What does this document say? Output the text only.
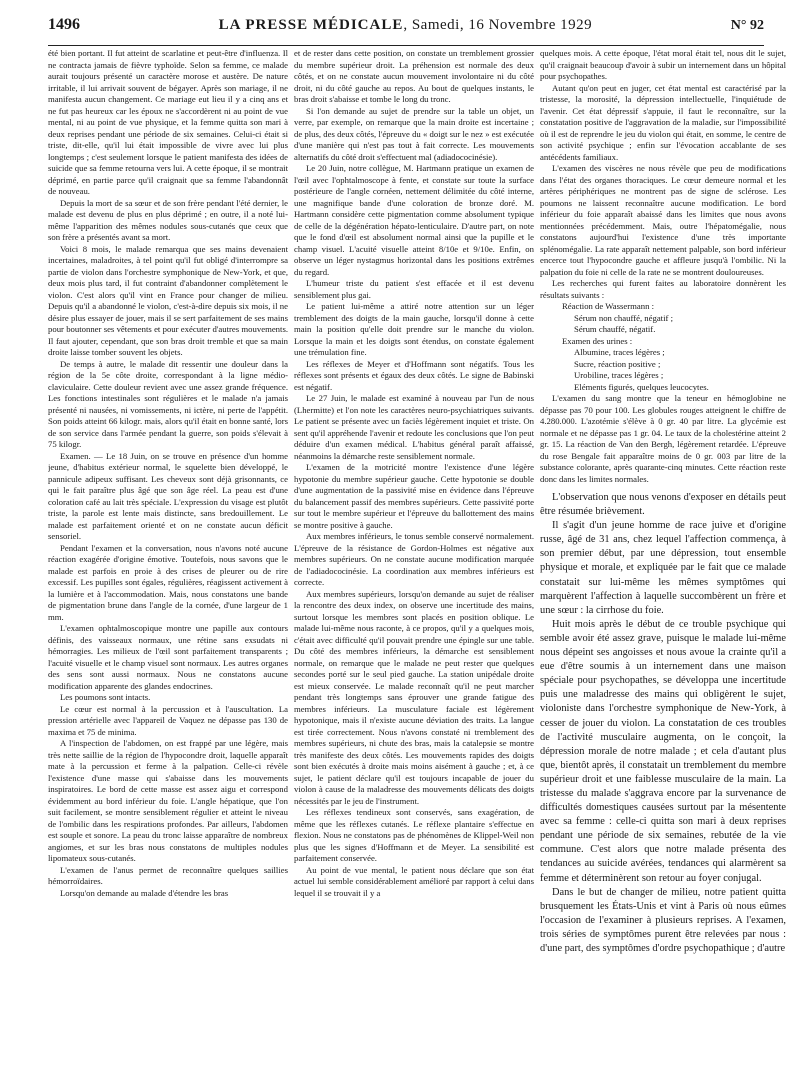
1496	LA PRESSE MÉDICALE, Samedi, 16 Novembre 1929	N° 92

été bien portant. Il fut atteint de scarlatine et peut-être d'influenza. Il ne contracta jamais de fièvre typhoïde. Selon sa femme, ce malade aurait toujours présenté un caractère morose et austère. De nature irritable, il lui arrivait souvent de bégayer. Après son mariage, il ne manifesta aucun changement. Ce mariage eut lieu il y a cinq ans et ne fut pas heureux car les époux ne s'accordèrent ni au point de vue mental, ni au point de vue physique, et la femme quitta son mari à deux reprises pendant une période de six semaines. Celui-ci était si triste, dit-elle, qu'il lui était impossible de vivre avec lui plus longtemps ; c'est seulement lorsque le patient manifesta des idées de suicide que sa femme retourna vers lui. A cette époque, il se montrait déprimé, en partie parce qu'il craignait que sa femme l'abandonnât de nouveau.

Depuis la mort de sa sœur et de son frère pendant l'été dernier, le malade est devenu de plus en plus déprimé ; en outre, il a noté lui-même l'apparition des mêmes nodules sous-cutanés que ceux que son frère a présentés avant sa mort.

Voici 8 mois, le malade remarqua que ses mains devenaient incertaines, maladroites, à tel point qu'il fut obligé d'interrompre sa partie de violon dans l'orchestre symphonique de New-York, et que, deux mois plus tard, il fut contraint d'abandonner complètement le violon. C'est alors qu'il vint en France pour changer de milieu. Depuis qu'il a abandonné le violon, c'est-à-dire depuis six mois, il ne désire plus essayer de jouer, mais il se sert parfaitement de ses mains pour boutonner ses vêtements et pour exécuter d'autres mouvements. Il faut ajouter, cependant, que son bras droit tremble et que sa main droite laisse tomber souvent les objets.

De temps à autre, le malade dit ressentir une douleur dans la région de la 5e côte droite, correspondant à la ligne médio-claviculaire. Cette douleur revient avec une assez grande fréquence. Les fonctions intestinales sont régulières et le malade n'a jamais présenté ni nausées, ni vomissements, ni ictère, ni perte de l'appétit. Son poids atteint 66 kilogr. mais, alors qu'il était en bonne santé, lors de son service dans l'armée pendant la guerre, son poids s'élevait à 75 kilogr.

Examen. — Le 18 Juin, on se trouve en présence d'un homme jeune, d'habitus extérieur normal, le squelette bien développé, le pannicule adipeux suffisant. Les cheveux sont déjà grisonnants, ce qui le fait paraître plus âgé que son âge réel. La peau est d'une coloration café au lait très spéciale. L'expression du visage est plutôt triste, la parole est lente mais distincte, sans bredouillement. Le malade est parfaitement orienté et on ne constate aucun déficit sensoriel.

Pendant l'examen et la conversation, nous n'avons noté aucune réaction exagérée d'origine émotive. Toutefois, nous savons que le malade est parfois en proie à des crises de pleurer ou de rire excessif. Les pupilles sont égales, régulières, réagissent activement à la lumière et à l'accommodation. Mais, nous constatons une bande de pigmentation brune dans l'angle de la cornée, d'une largeur de 1 mm.

L'examen ophtalmoscopique montre une papille aux contours définis, des vaisseaux normaux, une rétine sans exsudats ni hémorragies. Les milieux de l'œil sont parfaitement transparents ; l'acuité visuelle et le champ visuel sont normaux. Les autres organes des sens sont aussi normaux. Nous ne constatons aucune modification apparente des glandes endocrines.

Les poumons sont intacts.

Le cœur est normal à la percussion et à l'auscultation. La pression artérielle avec l'appareil de Vaquez ne dépasse pas 130 de maxima et 75 de minima.

A l'inspection de l'abdomen, on est frappé par une légère, mais très nette saillie de la région de l'hypocondre droit, laquelle apparaît mate à la percussion et ferme à la palpation. Celle-ci révèle l'existence d'une masse qui s'abaisse dans les mouvements inspiratoires. Le bord de cette masse est assez aigu et correspond évidemment au bord inférieur du foie. L'angle hépatique, que l'on suit facilement, se montre sensiblement régulier et atteint le niveau de l'ombilic dans les respirations profondes. Par ailleurs, l'abdomen est souple et sonore. La peau du tronc laisse apparaître de nombreux angiomes, et sur les bras nous constatons de multiples nodules lipomateux sous-cutanés.

L'examen de l'anus permet de reconnaître quelques saillies hémorroïdaires.

Lorsqu'on demande au malade d'étendre les bras

et de rester dans cette position, on constate un tremblement grossier du membre supérieur droit. La préhension est normale des deux côtés, et on ne constate aucun mouvement involontaire ni du côté droit, ni du côté gauche au repos. Au bout de quelques instants, le bras droit s'abaisse et tombe le long du tronc.

Si l'on demande au sujet de prendre sur la table un objet, un verre, par exemple, on remarque que la main droite est incertaine ; de plus, des deux côtés, l'épreuve du « doigt sur le nez » est exécutée d'une manière qui n'est pas tout à fait correcte. Les mouvements alternatifs du côté droit s'effectuent mal (adiadococinésie).

Le 20 Juin, notre collègue, M. Hartmann pratique un examen de l'œil avec l'ophtalmoscope à fente, et constate sur toute la surface postérieure de l'angle cornéen, nettement délimitée du côté interne, une magnifique bande d'une coloration de bronze doré. M. Hartmann considère cette pigmentation comme absolument typique de celle de la dégénération hépato-lenticulaire. D'autre part, on note que le fond d'œil est absolument normal ainsi que la pupille et le champ visuel. L'acuité visuelle atteint 8/10e et 9/10e. Enfin, on observe un léger nystagmus horizontal dans les positions extrêmes du regard.

L'humeur triste du patient s'est effacée et il est devenu sensiblement plus gai.

Le patient lui-même a attiré notre attention sur un léger tremblement des doigts de la main gauche, lorsqu'il donne à cette main la position qu'elle doit prendre sur le manche du violon. Lorsque la main et les doigts sont étendus, on constate également une trémulation fine.

Les réflexes de Meyer et d'Hoffmann sont négatifs. Tous les réflexes sont présents et égaux des deux côtés. Le signe de Babinski est négatif.

Le 27 Juin, le malade est examiné à nouveau par l'un de nous (Lhermitte) et l'on note les caractères neuro-psychiatriques suivants. Le patient se présente avec un faciès légèrement inquiet et triste. On sent qu'il appréhende l'avenir et redoute les conclusions que l'on peut déduire d'un examen médical. L'habitus général paraît affaissé, néanmoins la démarche reste sensiblement normale.

L'examen de la motricité montre l'existence d'une légère hypotonie du membre supérieur gauche. Cette hypotonie se double d'une augmentation de la passivité mise en évidence dans l'épreuve du balancement passif des membres supérieurs. Cette passivité porte sur tout le membre supérieur et l'épreuve du ballottement des mains se montre positive à gauche.

Aux membres inférieurs, le tonus semble conservé normalement. L'épreuve de la résistance de Gordon-Holmes est négative aux membres supérieurs. On ne constate aucune modification marquée de l'adiadococinésie. La coordination aux membres inférieurs est correcte.

Aux membres supérieurs, lorsqu'on demande au sujet de réaliser la rencontre des deux index, on observe une incertitude des mains, surtout lorsque les membres sont placés en position oblique. Le malade lui-même nous raconte, à ce propos, qu'il y a quelques mois, c'était avec difficulté qu'il pouvait prendre une épingle sur une table. Du côté des membres inférieurs, la démarche est sensiblement normale, on remarque que le malade ne peut rester que quelques secondes porté sur le seul pied gauche. La station unipédale droite est mieux conservée. Le malade reconnaît qu'il ne peut marcher pendant très longtemps sans éprouver une grande fatigue des membres inférieurs. La musculature faciale est légèrement hypotonique, mais il n'existe aucune déviation des traits. La langue est tirée correctement. Nous n'avons constaté ni tremblement des membres supérieurs, ni chute des bras, mais la catalepsie se montre très manifeste des deux côtés. Les mouvements rapides des doigts sont bien exécutés à droite mais moins aisément à gauche ; et, à ce sujet, le patient déclare qu'il est toujours incapable de jouer du violon à cause de la maladresse des mouvements délicats des doigts nécessités par le jeu de l'instrument.

Les réflexes tendineux sont conservés, sans exagération, de même que les réflexes cutanés. Le réflexe plantaire s'effectue en flexion. Nous ne constatons pas de phénomènes de Klippel-Weil non plus que les signes d'Hoffmann et de Meyer. La sensibilité est parfaitement conservée.

Au point de vue mental, le patient nous déclare que son état actuel lui semble considérablement amélioré par rapport à celui dans lequel il se trouvait il y a

quelques mois. A cette époque, l'état moral était tel, nous dit le sujet, qu'il craignait beaucoup d'avoir à subir un internement dans un hôpital pour psychopathes.

Autant qu'on peut en juger, cet état mental est caractérisé par la tristesse, la morosité, la dépression intellectuelle, l'inquiétude de l'avenir. Cet état dépressif s'appuie, il faut le reconnaître, sur la constatation positive de l'aggravation de la maladie, sur l'impossibilité où il est de reprendre le jeu du violon qui était, en somme, le centre de son activité psychique ; enfin sur l'évocation accablante de ses antécédents familiaux.

L'examen des viscères ne nous révèle que peu de modifications dans l'état des organes thoraciques. Le cœur demeure normal et les artères périphériques ne montrent pas de signe de sclérose. Les poumons ne laissent reconnaître aucune modification. Le bord inférieur du foie apparaît abaissé dans les limites que nous avons mentionnées précédemment. Mais, outre l'hépatomégalie, nous constatons aujourd'hui l'existence d'une très importante splénomégalie. La rate apparaît nettement palpable, son bord inférieur encerce tout l'hypocondre gauche et affleure jusqu'à l'ombilic. Ni la palpation du foie ni celle de la rate ne se montrent douloureuses.

Les recherches qui furent faites au laboratoire donnèrent les résultats suivants :

Réaction de Wassermann :
Sérum non chauffé, négatif ;
Sérum chauffé, négatif.
Examen des urines :
Albumine, traces légères ;
Sucre, réaction positive ;
Urobiline, traces légères ;
Eléments figurés, quelques leucocytes.

L'examen du sang montre que la teneur en hémoglobine ne dépasse pas 70 pour 100. Les globules rouges atteignent le chiffre de 4.280.000. L'azotémie s'élève à 0 gr. 40 par litre. La glycémie est normale et ne dépasse pas 1 gr. 04. Le taux de la cholestérine atteint 2 gr. 15. La réaction de Van den Bergh, légèrement retardée. L'épreuve du rose Bengale fait apparaître moins de 0 gr. 003 par litre de la substance colorante, après quarante-cinq minutes. Cette réaction reste donc dans les limites normales.

L'observation que nous venons d'exposer en détails peut être résumée brièvement.

Il s'agit d'un jeune homme de race juive et d'origine russe, âgé de 31 ans, chez lequel l'affection commença, à son premier début, par une dépression, tout ensemble physique et morale, et expliquée par le fait que ce malade constatait sur lui-même les mêmes symptômes qui marquèrent l'affection à laquelle succombèrent un frère et une sœur : la cirrhose du foie.

Huit mois après le début de ce trouble psychique qui semble avoir été assez grave, puisque le malade lui-même nous dépeint ses angoisses et nous avoue la crainte qu'il a eue d'être soumis à un internement dans une maison spéciale pour psychopathes, se développa une incertitude puis une maladresse des mains qui obligèrent le sujet, violoniste dans l'orchestre symphonique de New-York, à cesser de jouer du violon. La constatation de ces troubles de l'activité musculaire augmenta, on le conçoit, la dépression morale de notre malade ; et cela d'autant plus que, bientôt après, il constatait un tremblement du membre supérieur droit et une faiblesse musculaire de la main. La tristesse du malade s'aggrava encore par la survenance de difficultés domestiques causées surtout par la mésentente avec sa femme : celle-ci quitta son mari à deux reprises pendant une période de six semaines, rebutée de la vie commune. C'est alors que notre malade présenta des tendances au suicide avérées, tendances qui alarmèrent sa femme et déterminèrent son retour au foyer conjugal.

Dans le but de changer de milieu, notre patient quitta brusquement les États-Unis et vint à Paris où nous eûmes l'occasion de l'examiner à plusieurs reprises. A l'examen, trois séries de symptômes purent être relevées par nous : d'une part, des symptômes d'ordre psychopathique ; d'autre
